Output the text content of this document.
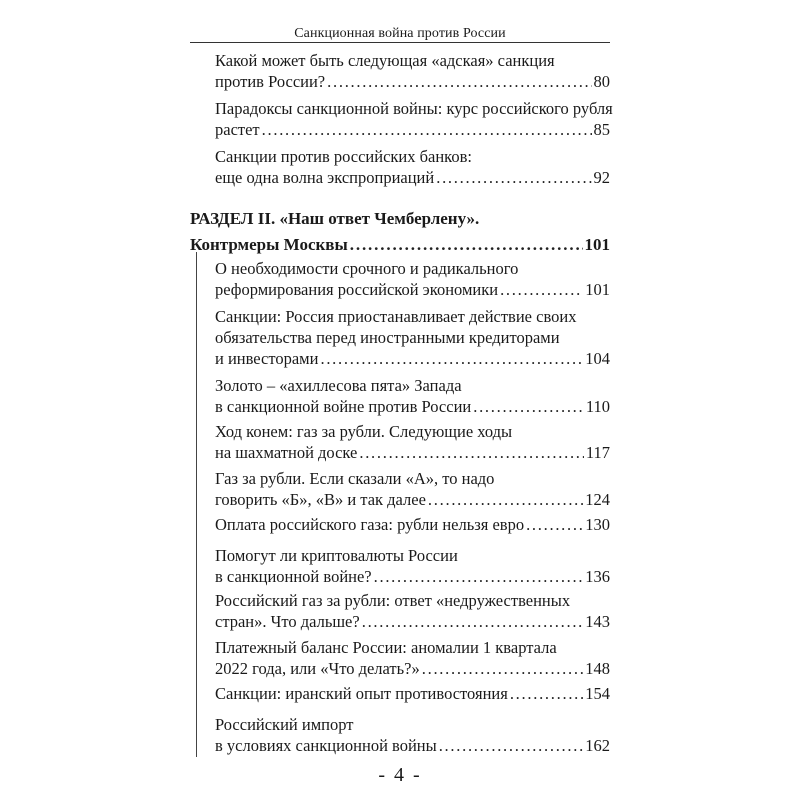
Санкционная война против России
Какой может быть следующая «адская» санкция
против России? . . .	80
Парадоксы санкционной войны: курс российского рубля
растет . . .	85
Санкции против российских банков:
еще одна волна экспроприаций . . .	92
РАЗДЕЛ II. «Наш ответ Чемберлену».
Контрмеры Москвы . . .	101
О необходимости срочного и радикального
реформирования российской экономики . . .	101
Санкции: Россия приостанавливает действие своих
обязательства перед иностранными кредиторами
и инвесторами . . .	104
Золото – «ахиллесова пята» Запада
в санкционной войне против России . . .	110
Ход конем: газ за рубли. Следующие ходы
на шахматной доске . . .	117
Газ за рубли. Если сказали «А», то надо
говорить «Б», «В» и так далее . . .	124
Оплата российского газа: рубли нельзя евро . . .	130
Помогут ли криптовалюты России
в санкционной войне? . . .	136
Российский газ за рубли: ответ «недружественных
стран». Что дальше? . . .	143
Платежный баланс России: аномалии 1 квартала
2022 года, или «Что делать?» . . .	148
Санкции: иранский опыт противостояния . . .	154
Российский импорт
в условиях санкционной войны . . .	162
- 4 -
